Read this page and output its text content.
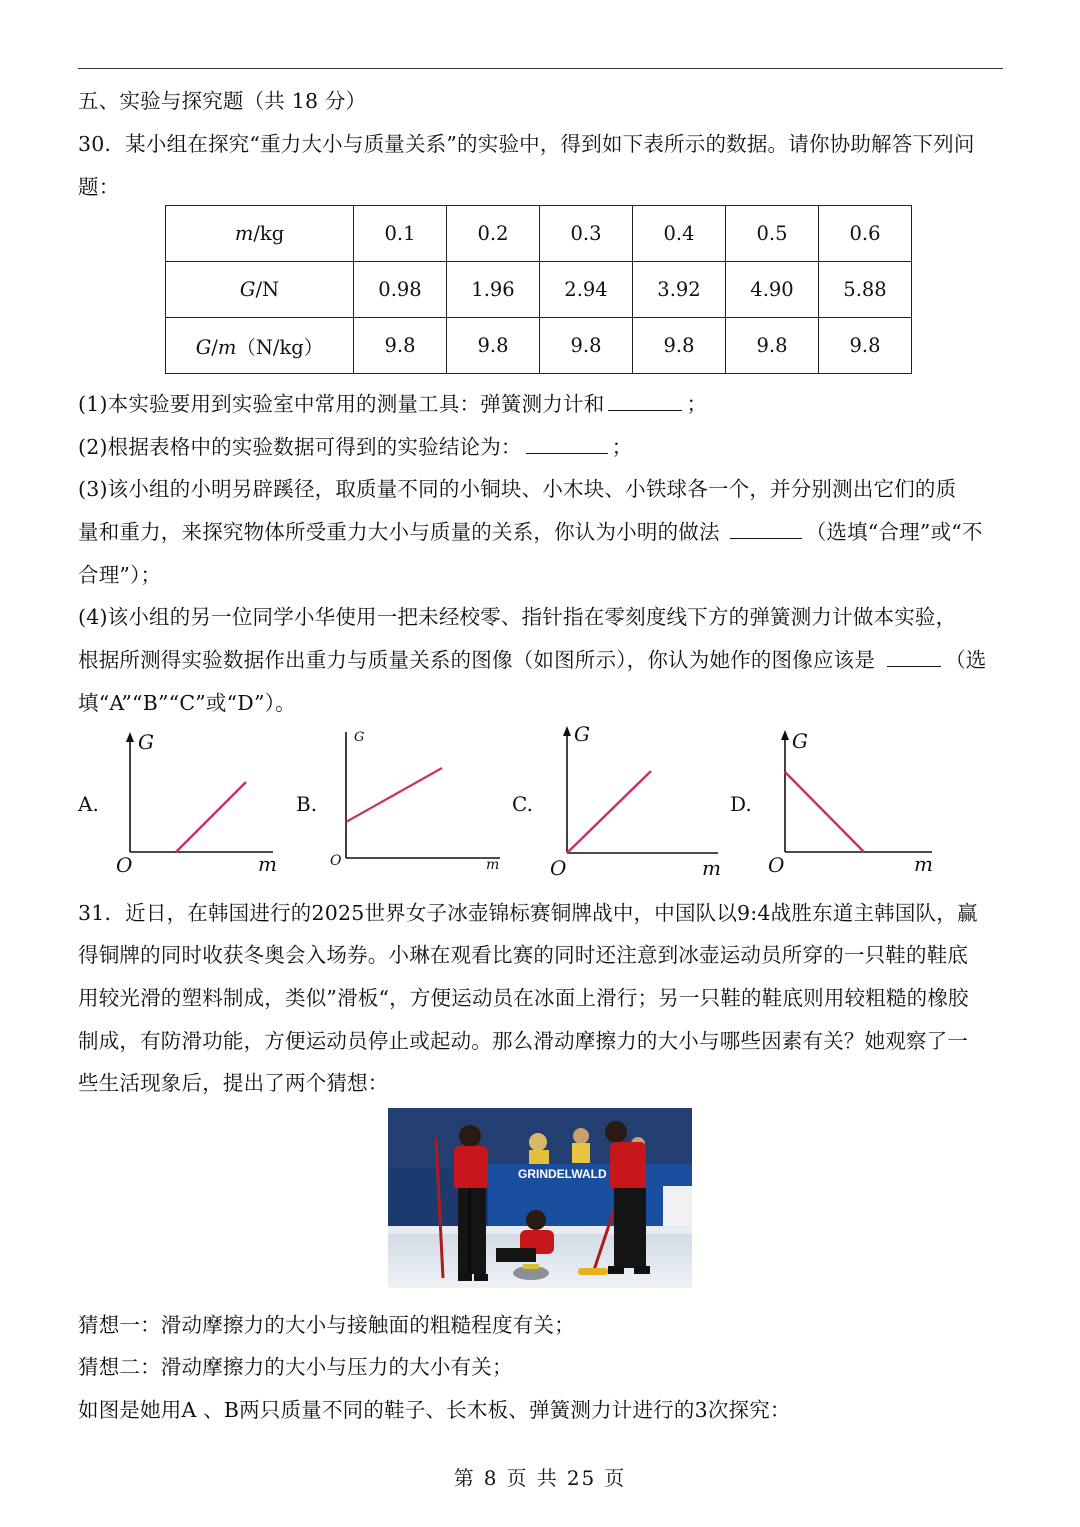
五、实验与探究题（共 18 分）
30．某小组在探究“重力大小与质量关系”的实验中，得到如下表所示的数据。请你协助解答下列问
题：
m/kg	0.1	0.2	0.3	0.4	0.5	0.6
G/N	0.98	1.96	2.94	3.92	4.90	5.88
G/m（N/kg）	9.8	9.8	9.8	9.8	9.8	9.8
(1)本实验要用到实验室中常用的测量工具：弹簧测力计和	；
(2)根据表格中的实验数据可得到的实验结论为：	；
(3)该小组的小明另辟蹊径，取质量不同的小铜块、小木块、小铁球各一个，并分别测出它们的质
量和重力，来探究物体所受重力大小与质量的关系，你认为小明的做法	（选填“合理”或“不
合理”）；
(4)该小组的另一位同学小华使用一把未经校零、指针指在零刻度线下方的弹簧测力计做本实验，
根据所测得实验数据作出重力与质量关系的图像（如图所示），你认为她作的图像应该是	（选
填“A”“B”“C”或“D”）。
A.
G
O	m
B.
G
O	m
C.
G
O	m
D.
G
O	m
31．近日，在韩国进行的2025世界女子冰壶锦标赛铜牌战中，中国队以9:4战胜东道主韩国队，赢
得铜牌的同时收获冬奥会入场券。小琳在观看比赛的同时还注意到冰壶运动员所穿的一只鞋的鞋底
用较光滑的塑料制成，类似”滑板“，方便运动员在冰面上滑行；另一只鞋的鞋底则用较粗糙的橡胶
制成，有防滑功能，方便运动员停止或起动。那么滑动摩擦力的大小与哪些因素有关？她观察了一
些生活现象后，提出了两个猜想：
GRINDELWALD
猜想一：滑动摩擦力的大小与接触面的粗糙程度有关；
猜想二：滑动摩擦力的大小与压力的大小有关；
如图是她用A 、B两只质量不同的鞋子、长木板、弹簧测力计进行的3次探究：
第 8 页 共 25 页
